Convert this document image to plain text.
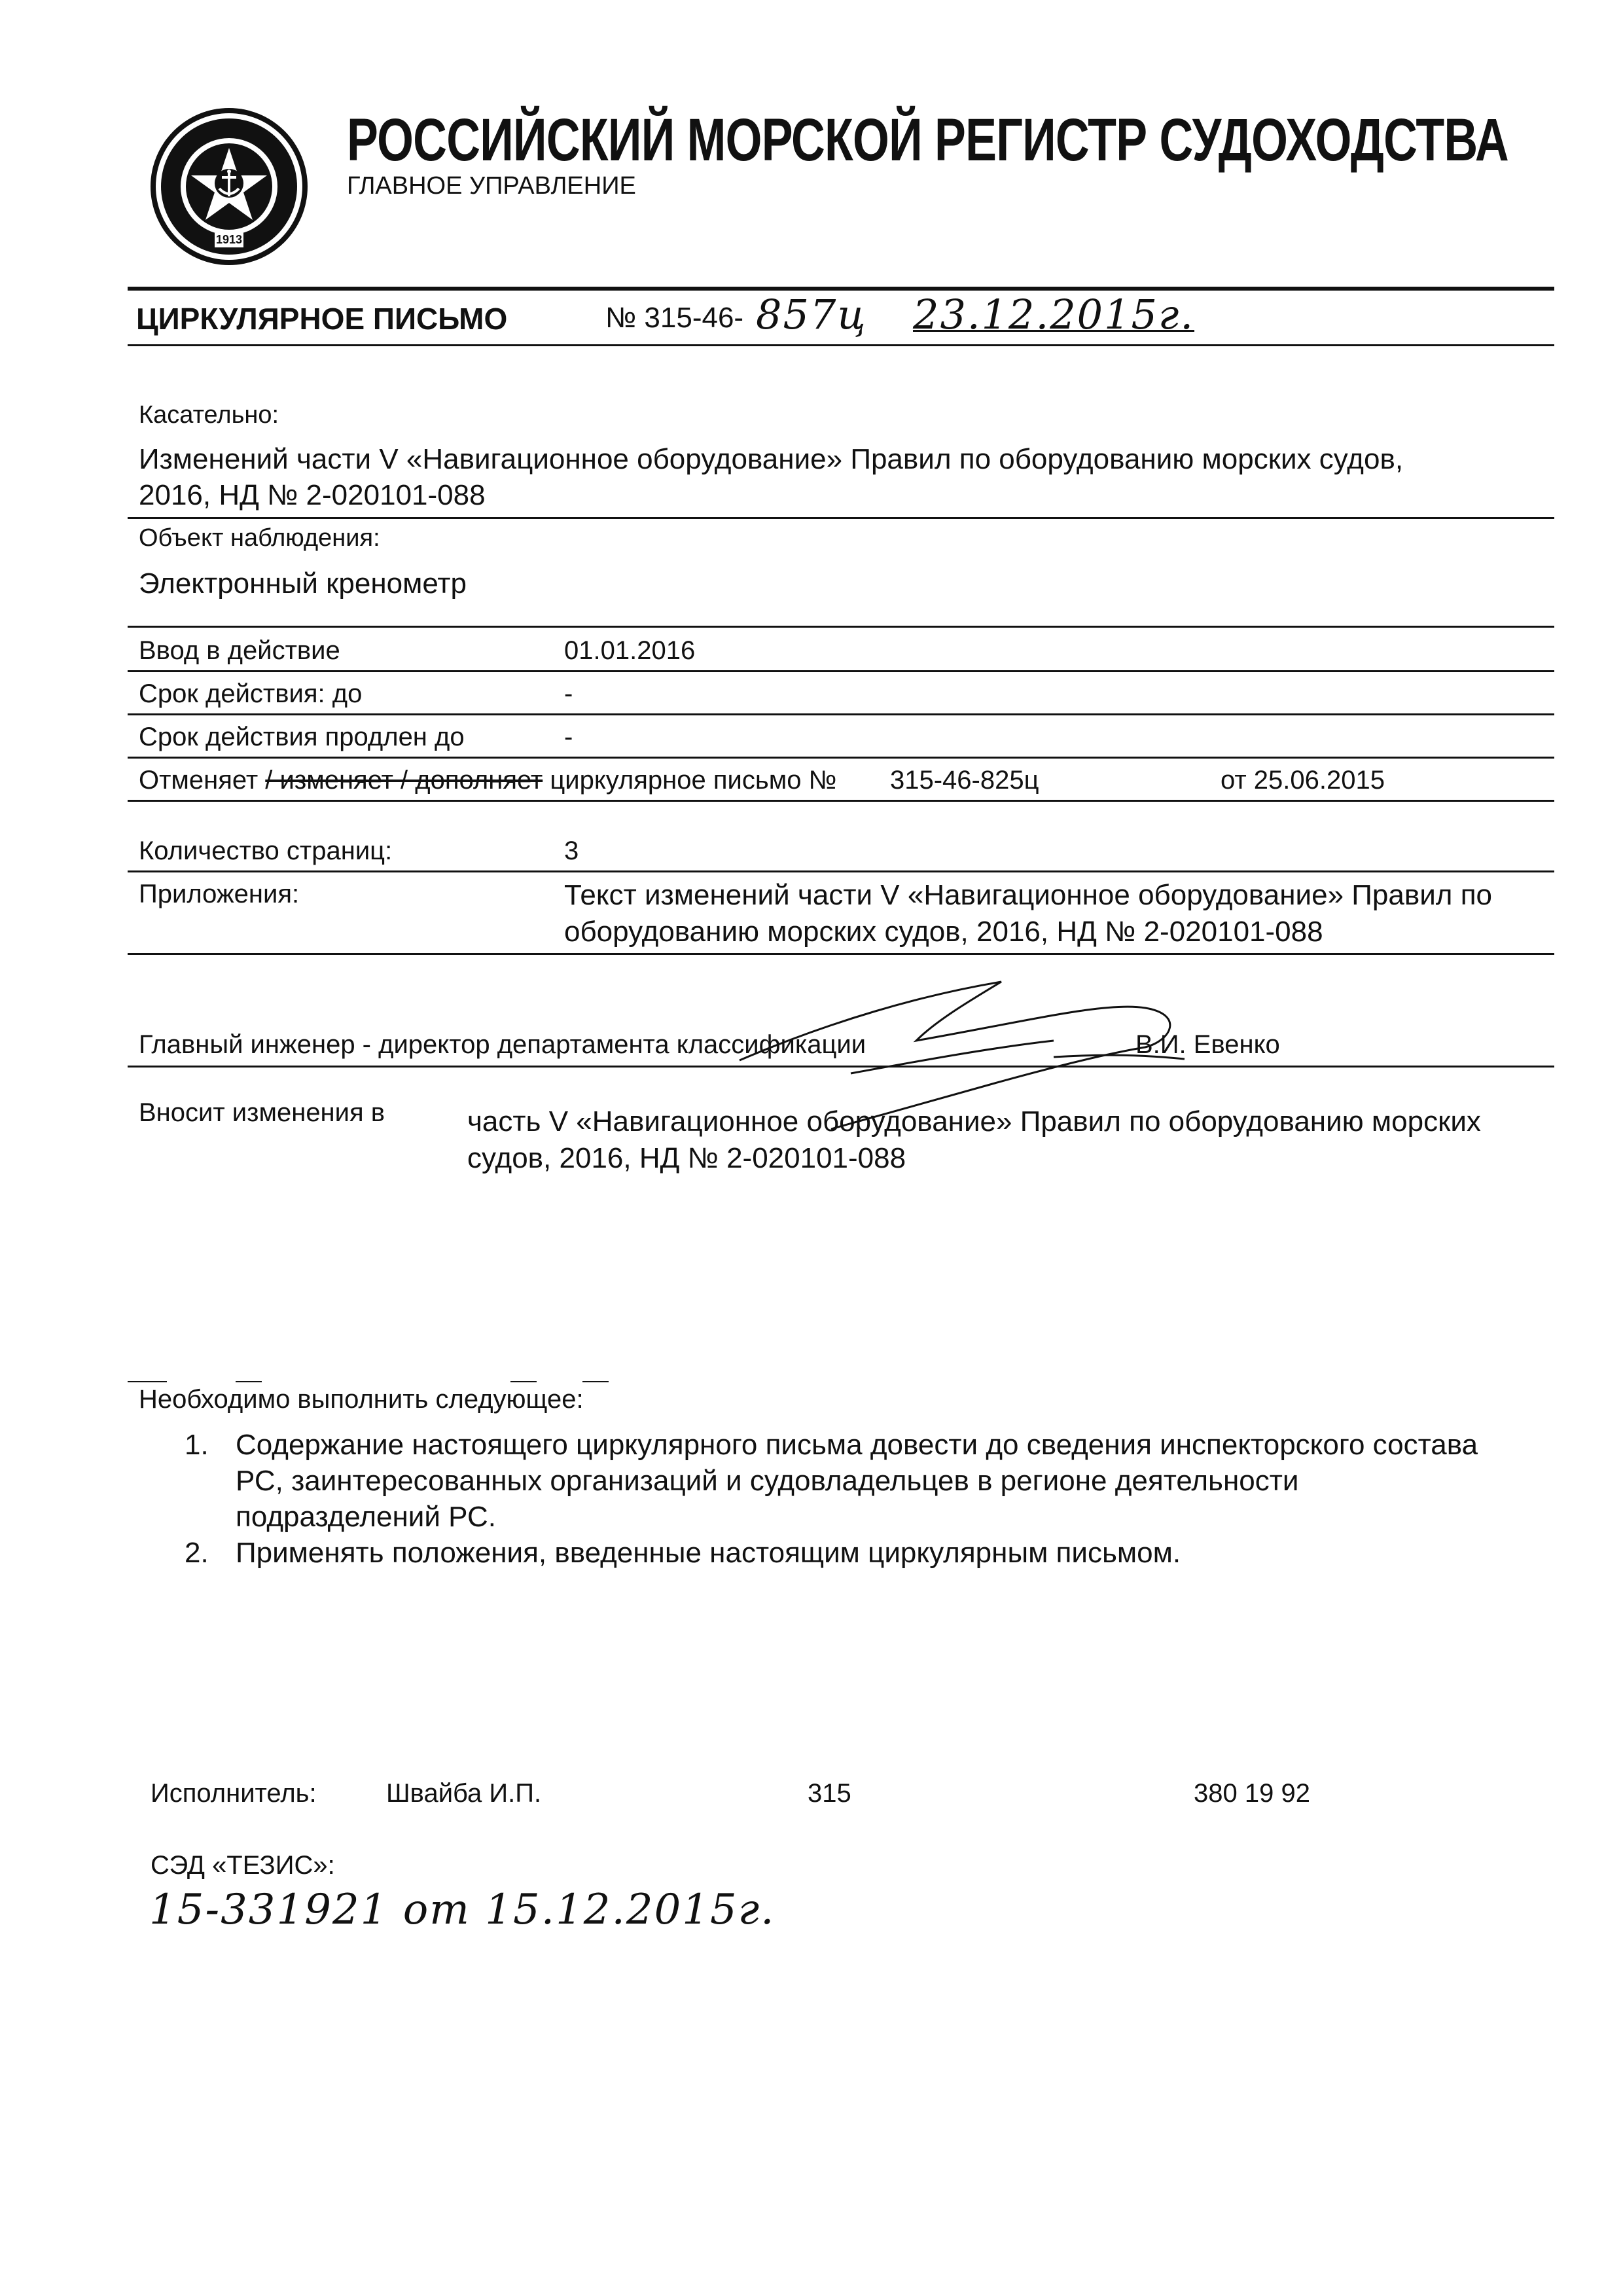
1913
РОССИЙСКИЙ МОРСКОЙ РЕГИСТР СУДОХОДСТВА
ГЛАВНОЕ УПРАВЛЕНИЕ
ЦИРКУЛЯРНОЕ ПИСЬМО	№ 315-46- 857ц 23.12.2015г.
Касательно:
Изменений части V «Навигационное оборудование» Правил по оборудованию морских судов,
2016, НД № 2-020101-088
Объект наблюдения:
Электронный кренометр
Ввод в действие	01.01.2016
Срок действия: до	-
Срок действия продлен до	-
Отменяет / изменяет / дополняет циркулярное письмо № 315-46-825ц	от 25.06.2015
Количество страниц:	3
Приложения:	Текст изменений части V «Навигационное оборудование» Правил по
оборудованию морских судов, 2016, НД № 2-020101-088
Главный инженер - директор департамента классификации	В.И. Евенко
Вносит изменения в	часть V «Навигационное оборудование» Правил по оборудованию морских
судов, 2016, НД № 2-020101-088
Необходимо выполнить следующее:
1. Содержание настоящего циркулярного письма довести до сведения инспекторского состава
РС, заинтересованных организаций и судовладельцев в регионе деятельности
подразделений РС.
2. Применять положения, введенные настоящим циркулярным письмом.
Исполнитель:	Швайба И.П.	315	380 19 92
СЭД «ТЕЗИС»:
15-331921 от 15.12.2015г.
